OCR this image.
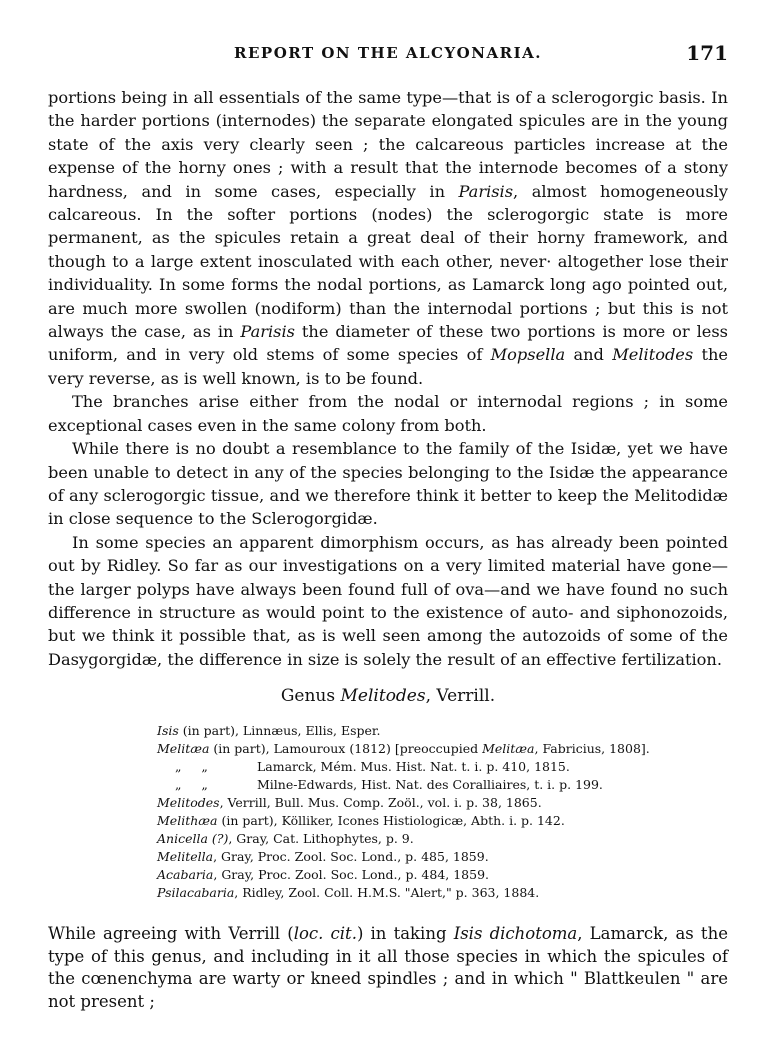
REPORT ON THE ALCYONARIA.	171

portions being in all essentials of the same type—that is of a sclerogorgic basis. In the harder portions (internodes) the separate elongated spicules are in the young state of the axis very clearly seen ; the calcareous particles increase at the expense of the horny ones ; with a result that the internode becomes of a stony hardness, and in some cases, especially in Parisis, almost homogeneously calcareous. In the softer portions (nodes) the sclerogorgic state is more permanent, as the spicules retain a great deal of their horny framework, and though to a large extent inosculated with each other, never· altogether lose their individuality. In some forms the nodal portions, as Lamarck long ago pointed out, are much more swollen (nodiform) than the internodal portions ; but this is not always the case, as in Parisis the diameter of these two portions is more or less uniform, and in very old stems of some species of Mopsella and Melitodes the very reverse, as is well known, is to be found.

The branches arise either from the nodal or internodal regions ; in some exceptional cases even in the same colony from both.

While there is no doubt a resemblance to the family of the Isidæ, yet we have been unable to detect in any of the species belonging to the Isidæ the appearance of any sclerogorgic tissue, and we therefore think it better to keep the Melitodidæ in close sequence to the Sclerogorgidæ.

In some species an apparent dimorphism occurs, as has already been pointed out by Ridley. So far as our investigations on a very limited material have gone—the larger polyps have always been found full of ova—and we have found no such difference in structure as would point to the existence of auto- and siphonozoids, but we think it possible that, as is well seen among the autozoids of some of the Dasygorgidæ, the difference in size is solely the result of an effective fertilization.

Genus Melitodes, Verrill.
Isis (in part), Linnæus, Ellis, Esper.
Melitæa (in part), Lamouroux (1812) [preoccupied Melitæa, Fabricius, 1808].
„     „	Lamarck, Mém. Mus. Hist. Nat. t. i. p. 410, 1815.
„     „	Milne-Edwards, Hist. Nat. des Coralliaires, t. i. p. 199.
Melitodes, Verrill, Bull. Mus. Comp. Zoöl., vol. i. p. 38, 1865.
Melithæa (in part), Kölliker, Icones Histiologicæ, Abth. i. p. 142.
Anicella (?), Gray, Cat. Lithophytes, p. 9.
Melitella, Gray, Proc. Zool. Soc. Lond., p. 485, 1859.
Acabaria, Gray, Proc. Zool. Soc. Lond., p. 484, 1859.
Psilacabaria, Ridley, Zool. Coll. H.M.S. "Alert," p. 363, 1884.

While agreeing with Verrill (loc. cit.) in taking Isis dichotoma, Lamarck, as the type of this genus, and including in it all those species in which the spicules of the cœnenchyma are warty or kneed spindles ; and in which " Blattkeulen " are not present ;
